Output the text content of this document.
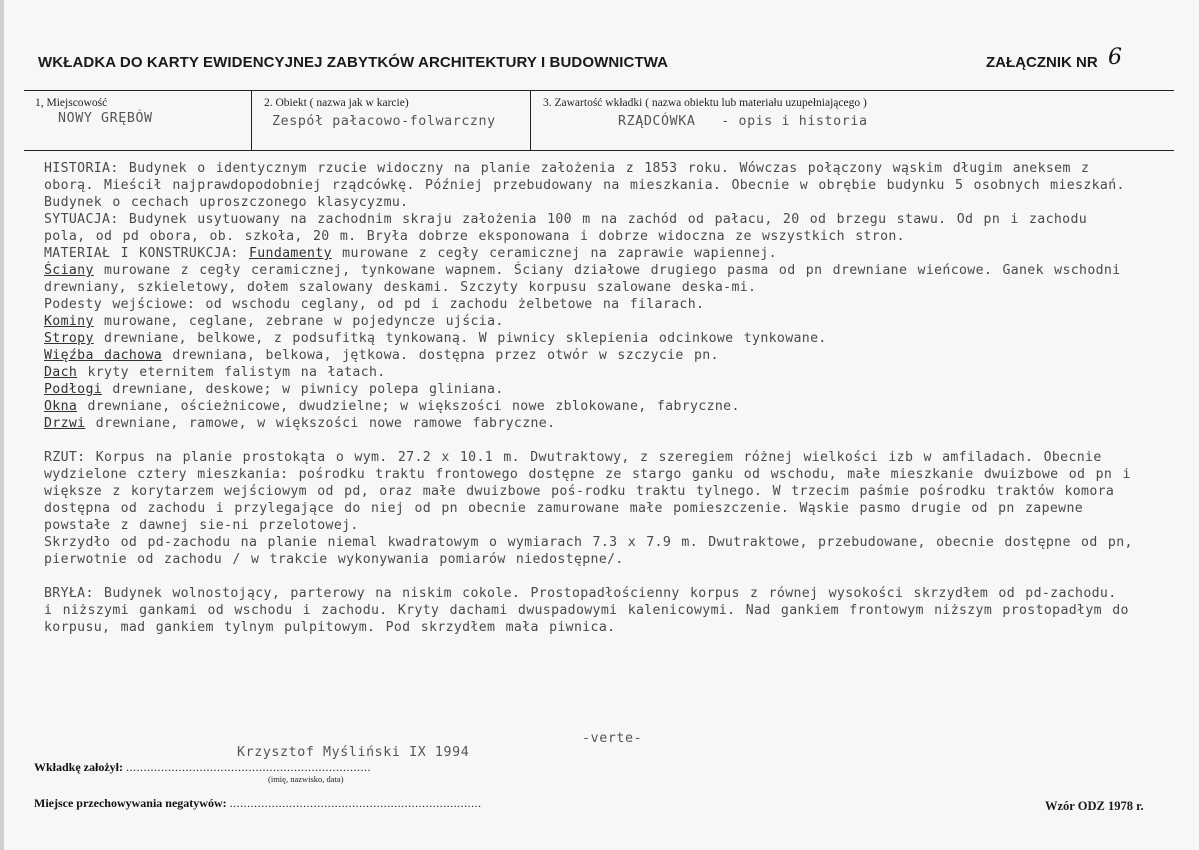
WKŁADKA DO KARTY EWIDENCYJNEJ ZABYTKÓW ARCHITEKTURY I BUDOWNICTWA	ZAŁĄCZNIK NR 6
1, Miejscowość
NOWY GRĘBÓW
2. Obiekt ( nazwa jak w karcie)
Zespół pałacowo-folwarczny
3. Zawartość wkładki ( nazwa obiektu lub materiału uzupełniającego )
RZĄDCÓWKA   - opis i historia

HISTORIA: Budynek o identycznym rzucie widoczny na planie założenia z 1853 roku. Wówczas połączony wąskim długim aneksem z oborą. Mieścił najprawdopodobniej rządcówkę. Później przebudowany na mieszkania. Obecnie w obrębie budynku 5 osobnych mieszkań.

Budynek o cechach uproszczonego klasycyzmu.

SYTUACJA: Budynek usytuowany na zachodnim skraju założenia 100 m na zachód od pałacu, 20 od brzegu stawu. Od pn i zachodu pola, od pd obora, ob. szkoła, 20 m. Bryła dobrze eksponowana i dobrze widoczna ze wszystkich stron.

MATERIAŁ I KONSTRUKCJA: Fundamenty murowane z cegły ceramicznej na zaprawie wapiennej.

Ściany murowane z cegły ceramicznej, tynkowane wapnem. Ściany działowe drugiego pasma od pn drewniane wieńcowe. Ganek wschodni drewniany, szkieletowy, dołem szalowany deskami. Szczyty korpusu szalowane deska-mi.

Podesty wejściowe: od wschodu ceglany, od pd i zachodu żelbetowe na filarach.

Kominy murowane, ceglane, zebrane w pojedyncze ujścia.

Stropy drewniane, belkowe, z podsufitką tynkowaną. W piwnicy sklepienia odcinkowe tynkowane.

Więźba dachowa drewniana, belkowa, jętkowa. dostępna przez otwór w szczycie pn.

Dach kryty eternitem falistym na łatach.

Podłogi drewniane, deskowe; w piwnicy polepa gliniana.

Okna drewniane, ościeżnicowe, dwudzielne; w większości nowe zblokowane, fabryczne.

Drzwi drewniane, ramowe, w większości nowe ramowe fabryczne.

RZUT: Korpus na planie prostokąta o wym. 27.2 x 10.1 m. Dwutraktowy, z szeregiem różnej wielkości izb w amfiladach. Obecnie wydzielone cztery mieszkania: pośrodku traktu frontowego dostępne ze stargo ganku od wschodu, małe mieszkanie dwuizbowe od pn i większe z korytarzem wejściowym od pd, oraz małe dwuizbowe poś-rodku traktu tylnego. W trzecim paśmie pośrodku traktów komora dostępna od zachodu i przylegające do niej od pn obecnie zamurowane małe pomieszczenie. Wąskie pasmo drugie od pn zapewne powstałe z dawnej sie-ni przelotowej.

Skrzydło od pd-zachodu na planie niemal kwadratowym o wymiarach 7.3 x 7.9 m. Dwutraktowe, przebudowane, obecnie dostępne od pn, pierwotnie od zachodu / w trakcie wykonywania pomiarów niedostępne/.

BRYŁA: Budynek wolnostojący, parterowy na niskim cokole. Prostopadłościenny korpus z równej wysokości skrzydłem od pd-zachodu. i niższymi gankami od wschodu i zachodu. Kryty dachami dwuspadowymi kalenicowymi. Nad gankiem frontowym niższym prostopadłym do korpusu, mad gankiem tylnym pulpitowym. Pod skrzydłem mała piwnica.

-verte-
Krzysztof Myśliński IX 1994
Wkładkę założył: ......................................................................
(imię, nazwisko, data)
Miejsce przechowywania negatywów: ........................................................................	Wzór ODZ 1978 r.
